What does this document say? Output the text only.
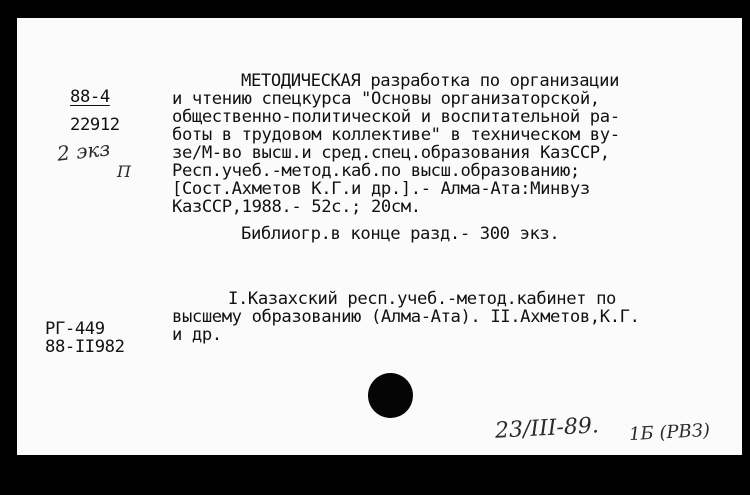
88-4
22912
2 экз
П
МЕТОДИЧЕСКАЯ разработка по организации
и чтению спецкурса "Основы организаторской,
общественно-политической и воспитательной ра-
боты в трудовом коллективе" в техническом ву-
зе/М-во высш.и сред.спец.образования КазССР,
Респ.учеб.-метод.каб.по высш.образованию;
[Сост.Ахметов К.Г.и др.].- Алма-Ата:Минвуз
КазССР,1988.- 52с.; 20см.
Библиогр.в конце разд.- 300 экз.
I.Казахский респ.учеб.-метод.кабинет по
высшему образованию (Алма-Ата). II.Ахметов,К.Г.
и др.
РГ-449
88-II982
23/III-89. 1Б (РВЗ)
